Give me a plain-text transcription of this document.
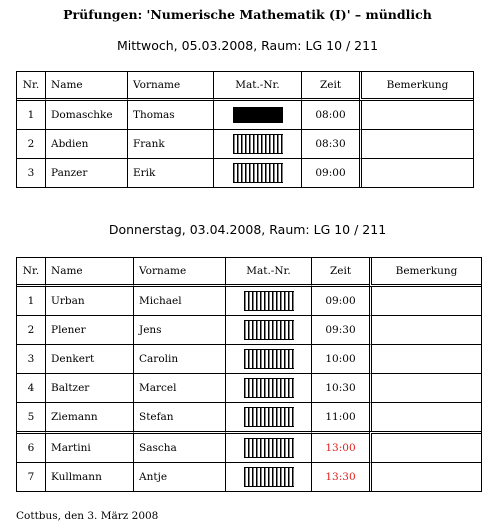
Prüfungen: 'Numerische Mathematik (I)' – mündlich
Mittwoch, 05.03.2008, Raum: LG 10 / 211
Nr.	Name	Vorname	Mat.-Nr.	Zeit	Bemerkung
1	Domaschke	Thomas		08:00	
2	Abdien	Frank		08:30	
3	Panzer	Erik		09:00	
Donnerstag, 03.04.2008, Raum: LG 10 / 211
Nr.	Name	Vorname	Mat.-Nr.	Zeit	Bemerkung
1	Urban	Michael		09:00	
2	Plener	Jens		09:30	
3	Denkert	Carolin		10:00	
4	Baltzer	Marcel		10:30	
5	Ziemann	Stefan		11:00	
6	Martini	Sascha		13:00	
7	Kullmann	Antje		13:30	
Cottbus, den 3. März 2008
